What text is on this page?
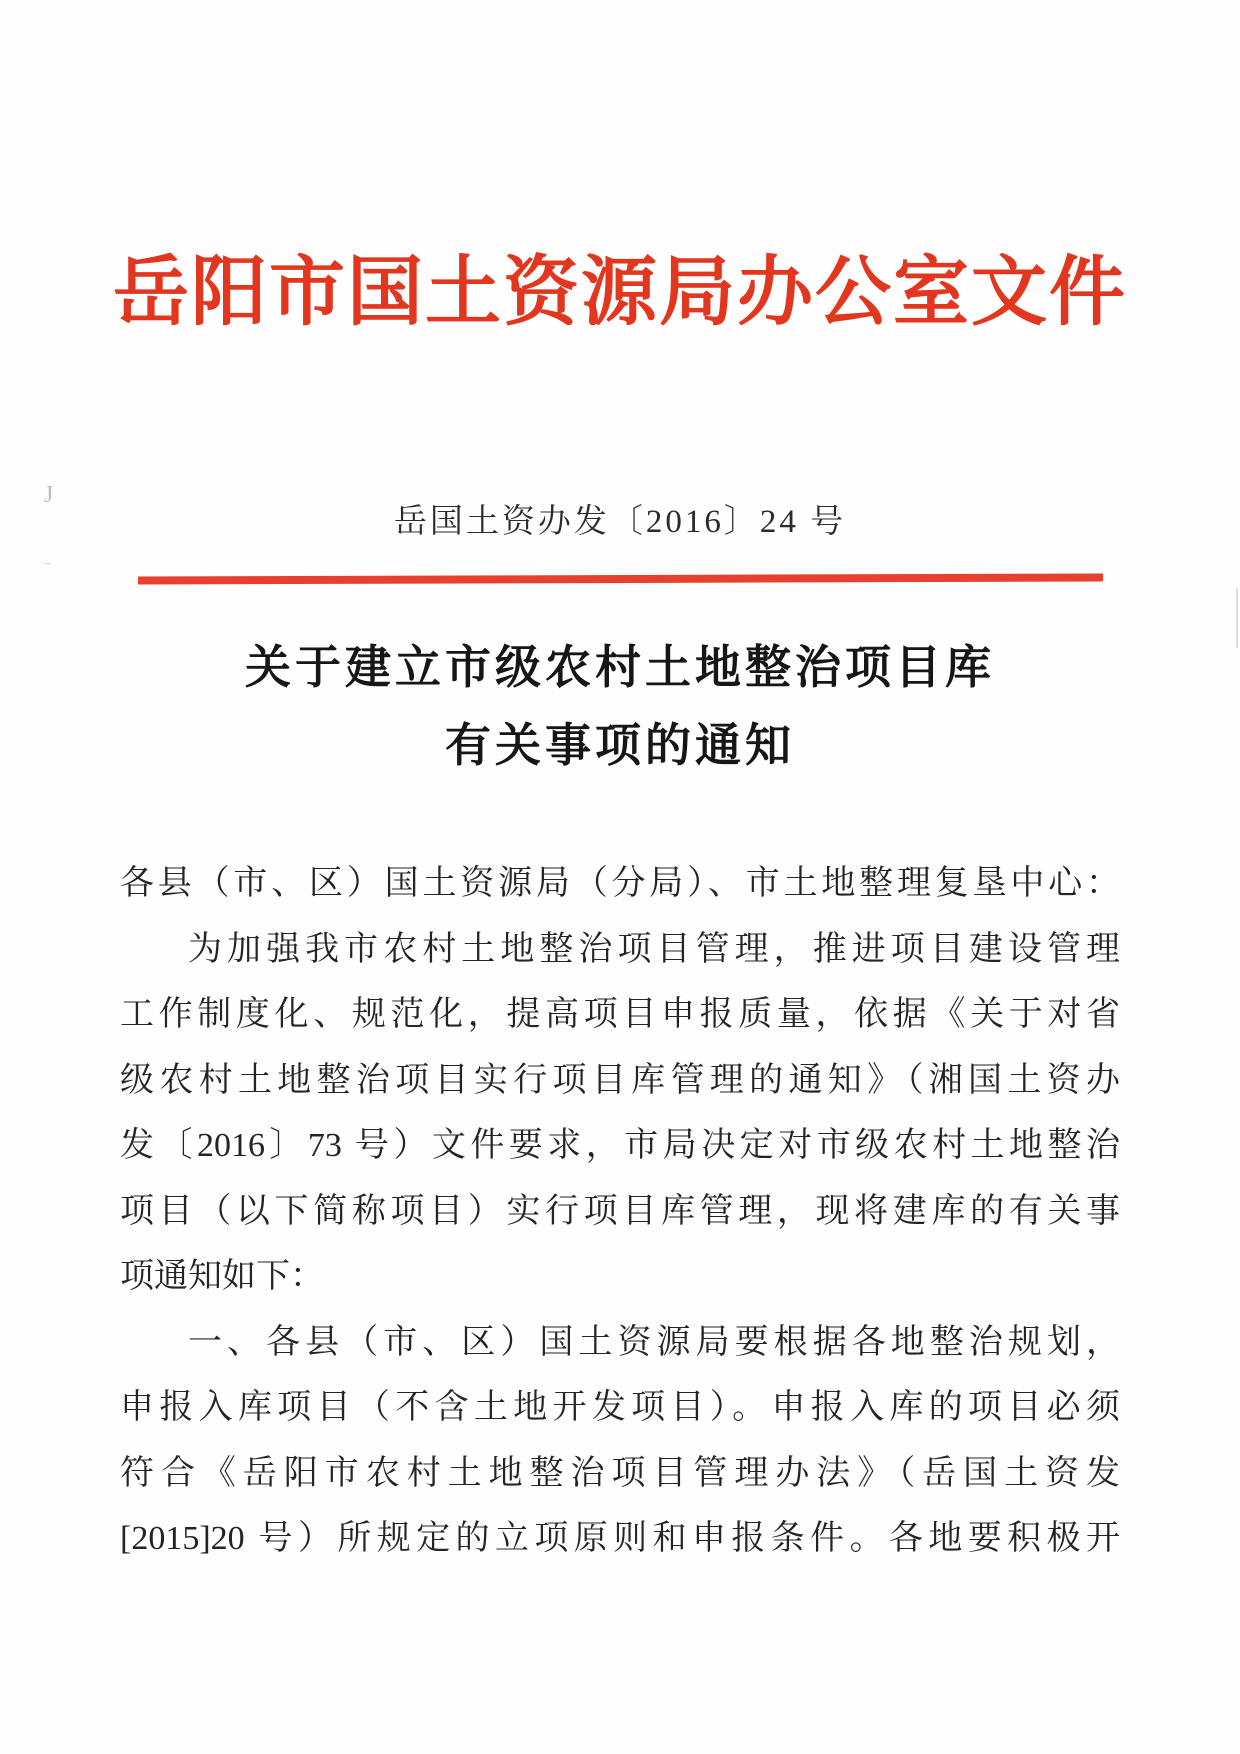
J
–
岳阳市国土资源局办公室文件
岳国土资办发〔2016〕24 号
关于建立市级农村土地整治项目库
有关事项的通知
各县（市、区）国土资源局（分局）、市土地整理复垦中心：
为加强我市农村土地整治项目管理，推进项目建设管理
工作制度化、规范化，提高项目申报质量，依据《关于对省
级农村土地整治项目实行项目库管理的通知》（湘国土资办
发〔2016〕73 号）文件要求，市局决定对市级农村土地整治
项目（以下简称项目）实行项目库管理，现将建库的有关事
项通知如下：
一、各县（市、区）国土资源局要根据各地整治规划，
申报入库项目（不含土地开发项目）。申报入库的项目必须
符合《岳阳市农村土地整治项目管理办法》（岳国土资发
[2015]20 号）所规定的立项原则和申报条件。各地要积极开
